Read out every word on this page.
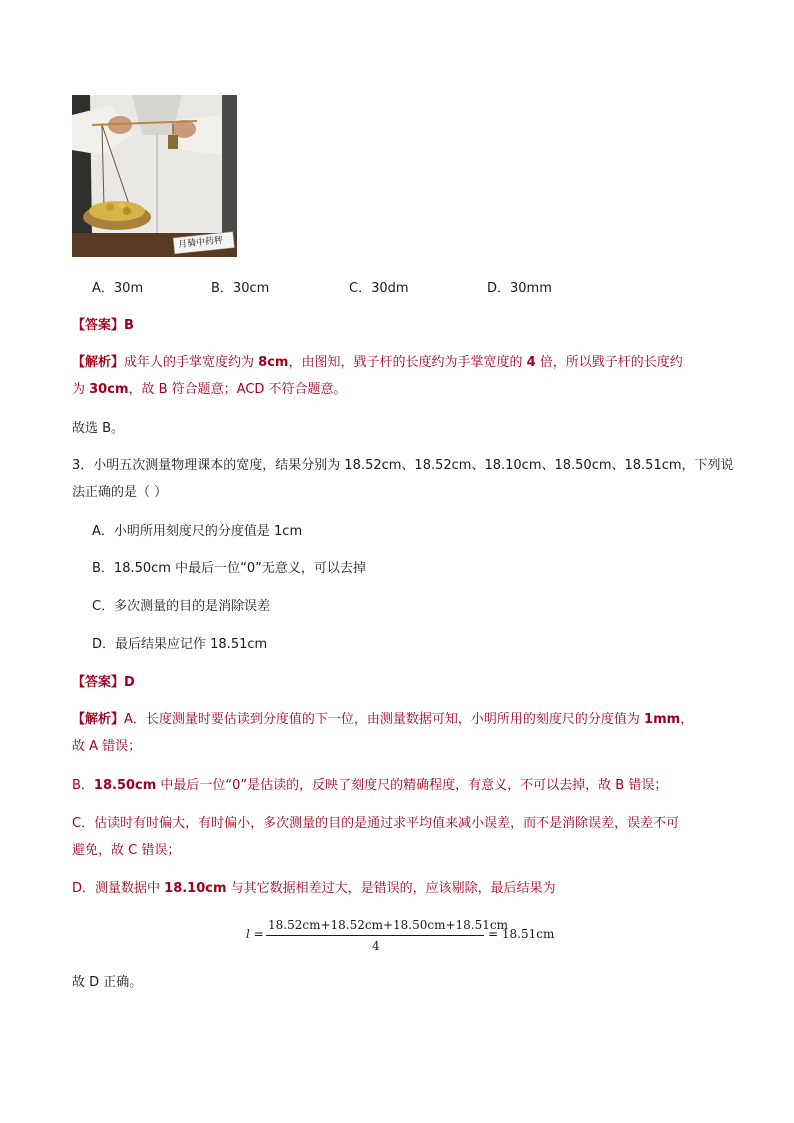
月骑中药秤
A．30m	B．30cm	C．30dm	D．30mm
【答案】B
【解析】成年人的手掌宽度约为 8cm，由图知，戥子杆的长度约为手掌宽度的 4 倍，所以戥子杆的长度约
为 30cm，故 B 符合题意；ACD 不符合题意。
故选 B。
3．小明五次测量物理课本的宽度，结果分别为 18.52cm、18.52cm、18.10cm、18.50cm、18.51cm，下列说
法正确的是（ ）
A．小明所用刻度尺的分度值是 1cm
B．18.50cm 中最后一位“0”无意义，可以去掉
C．多次测量的目的是消除误差
D．最后结果应记作 18.51cm
【答案】D
【解析】A．长度测量时要估读到分度值的下一位，由测量数据可知，小明所用的刻度尺的分度值为 1mm，
故 A 错误；
B．18.50cm 中最后一位“0”是估读的，反映了刻度尺的精确程度，有意义，不可以去掉，故 B 错误；
C．估读时有时偏大，有时偏小，多次测量的目的是通过求平均值来减小误差，而不是消除误差，误差不可
避免，故 C 错误；
D．测量数据中 18.10cm 与其它数据相差过大，是错误的，应该剔除，最后结果为
l =
18.52cm+18.52cm+18.50cm+18.51cm
4
= 18.51cm
故 D 正确。
